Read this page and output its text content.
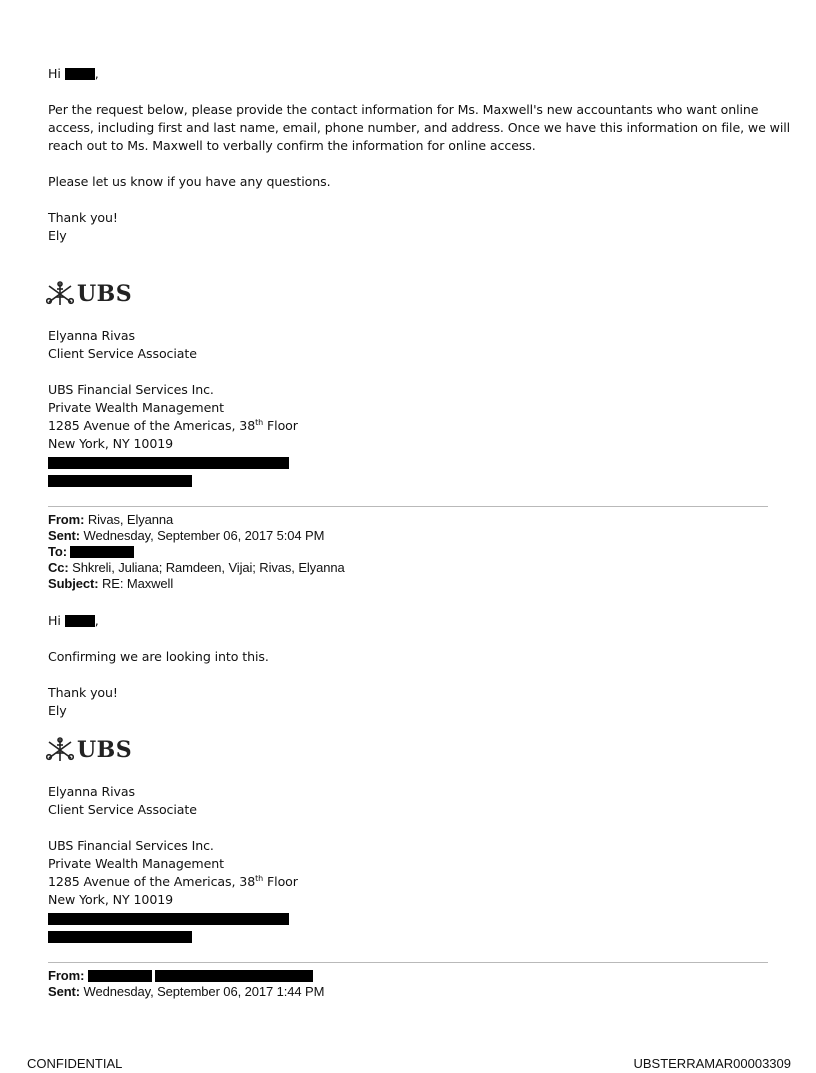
Hi	,
Per the request below, please provide the contact information for Ms. Maxwell's new accountants who want online
access, including first and last name, email, phone number, and address. Once we have this information on file, we will
reach out to Ms. Maxwell to verbally confirm the information for online access.
Please let us know if you have any questions.
Thank you!
Ely
UBS
Elyanna Rivas
Client Service Associate
UBS Financial Services Inc.
Private Wealth Management
1285 Avenue of the Americas, 38th Floor
New York, NY 10019
From: Rivas, Elyanna
Sent: Wednesday, September 06, 2017 5:04 PM
To:
Cc: Shkreli, Juliana; Ramdeen, Vijai; Rivas, Elyanna
Subject: RE: Maxwell
Hi	,
Confirming we are looking into this.
Thank you!
Ely
UBS
Elyanna Rivas
Client Service Associate
UBS Financial Services Inc.
Private Wealth Management
1285 Avenue of the Americas, 38th Floor
New York, NY 10019
From:
Sent: Wednesday, September 06, 2017 1:44 PM
CONFIDENTIAL	UBSTERRAMAR00003309
